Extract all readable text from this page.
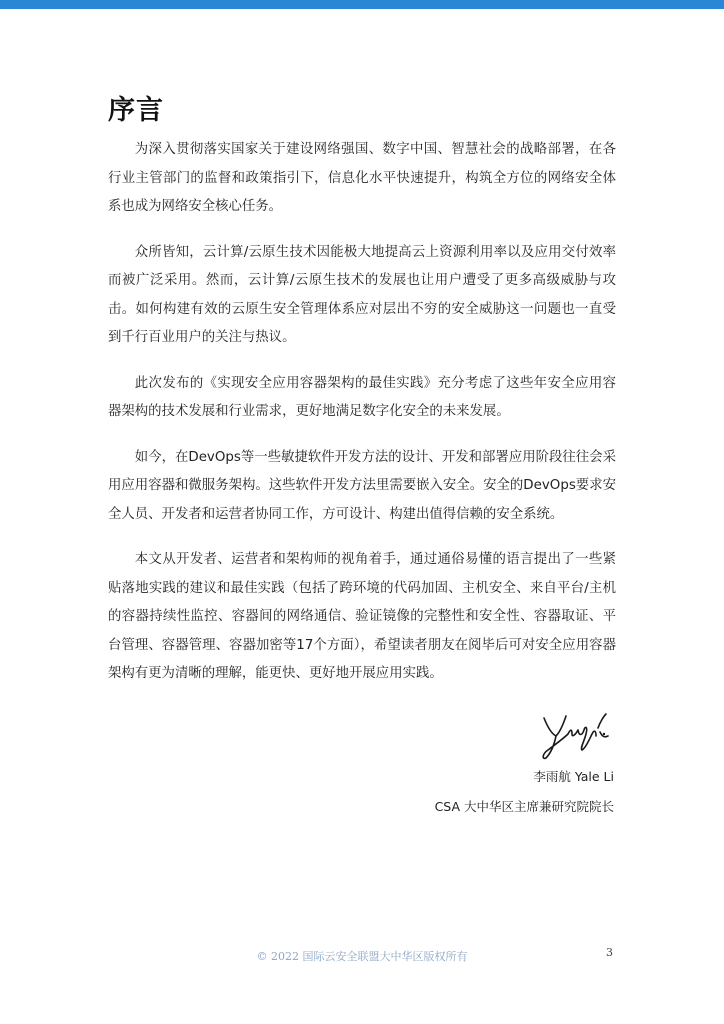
序言

为深入贯彻落实国家关于建设网络强国、数字中国、智慧社会的战略部署，在各行业主管部门的监督和政策指引下，信息化水平快速提升，构筑全方位的网络安全体系也成为网络安全核心任务。

众所皆知，云计算/云原生技术因能极大地提高云上资源利用率以及应用交付效率而被广泛采用。然而，云计算/云原生技术的发展也让用户遭受了更多高级威胁与攻击。如何构建有效的云原生安全管理体系应对层出不穷的安全威胁这一问题也一直受到千行百业用户的关注与热议。

此次发布的《实现安全应用容器架构的最佳实践》充分考虑了这些年安全应用容器架构的技术发展和行业需求，更好地满足数字化安全的未来发展。

如今，在DevOps等一些敏捷软件开发方法的设计、开发和部署应用阶段往往会采用应用容器和微服务架构。这些软件开发方法里需要嵌入安全。安全的DevOps要求安全人员、开发者和运营者协同工作，方可设计、构建出值得信赖的安全系统。

本文从开发者、运营者和架构师的视角着手，通过通俗易懂的语言提出了一些紧贴落地实践的建议和最佳实践（包括了跨环境的代码加固、主机安全、来自平台/主机的容器持续性监控、容器间的网络通信、验证镜像的完整性和安全性、容器取证、平台管理、容器管理、容器加密等17个方面），希望读者朋友在阅毕后可对安全应用容器架构有更为清晰的理解，能更快、更好地开展应用实践。

李雨航 Yale Li
CSA 大中华区主席兼研究院院长
© 2022 国际云安全联盟大中华区版权所有	3
